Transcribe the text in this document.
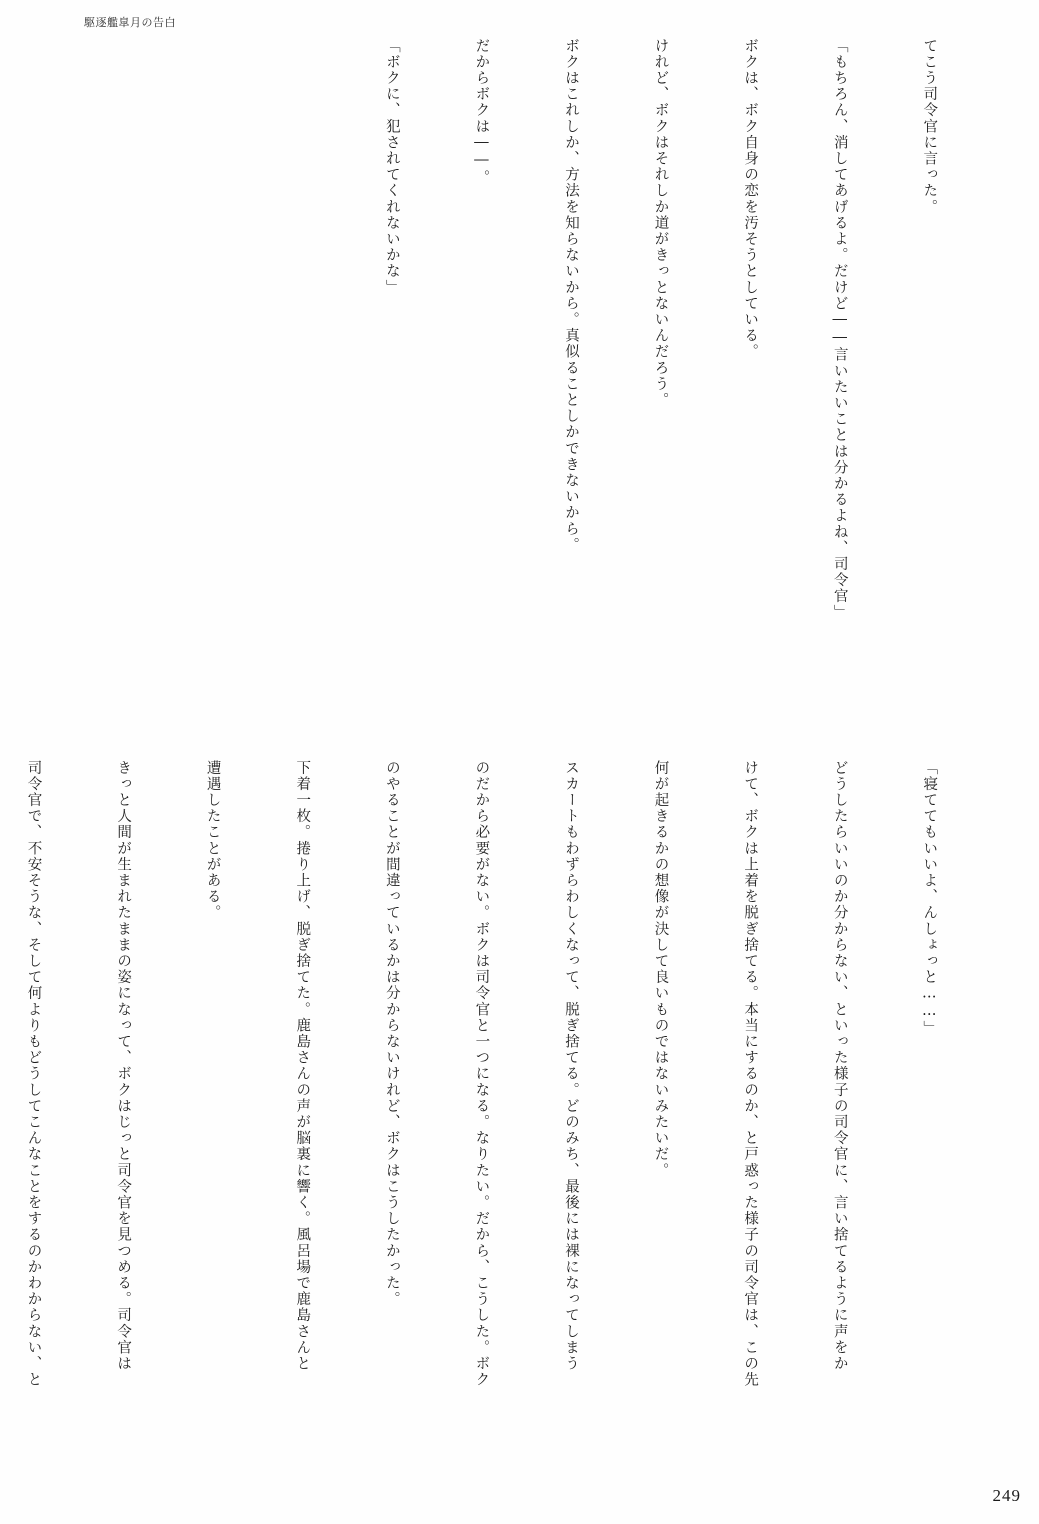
駆逐艦皐月の告白

てこう司令官に言った。

「もちろん、消してあげるよ。だけど――言いたいことは分かるよね、司令官」

ボクは、ボク自身の恋を汚そうとしている。

けれど、ボクはそれしか道がきっとないんだろう。

ボクはこれしか、方法を知らないから。真似ることしかできないから。

だからボクは――。

「ボクに、犯されてくれないかな」

「寝ててもいいよ、んしょっと……」

どうしたらいいのか分からない、といった様子の司令官に、言い捨てるように声をか

けて、ボクは上着を脱ぎ捨てる。本当にするのか、と戸惑った様子の司令官は、この先

何が起きるかの想像が決して良いものではないみたいだ。

スカートもわずらわしくなって、脱ぎ捨てる。どのみち、最後には裸になってしまう

のだから必要がない。ボクは司令官と一つになる。なりたい。だから、こうした。ボク

のやることが間違っているかは分からないけれど、ボクはこうしたかった。

下着一枚。捲り上げ、脱ぎ捨てた。鹿島さんの声が脳裏に響く。風呂場で鹿島さんと

遭遇したことがある。

きっと人間が生まれたままの姿になって、ボクはじっと司令官を見つめる。司令官は

司令官で、不安そうな、そして何よりもどうしてこんなことをするのかわからない、と

249
